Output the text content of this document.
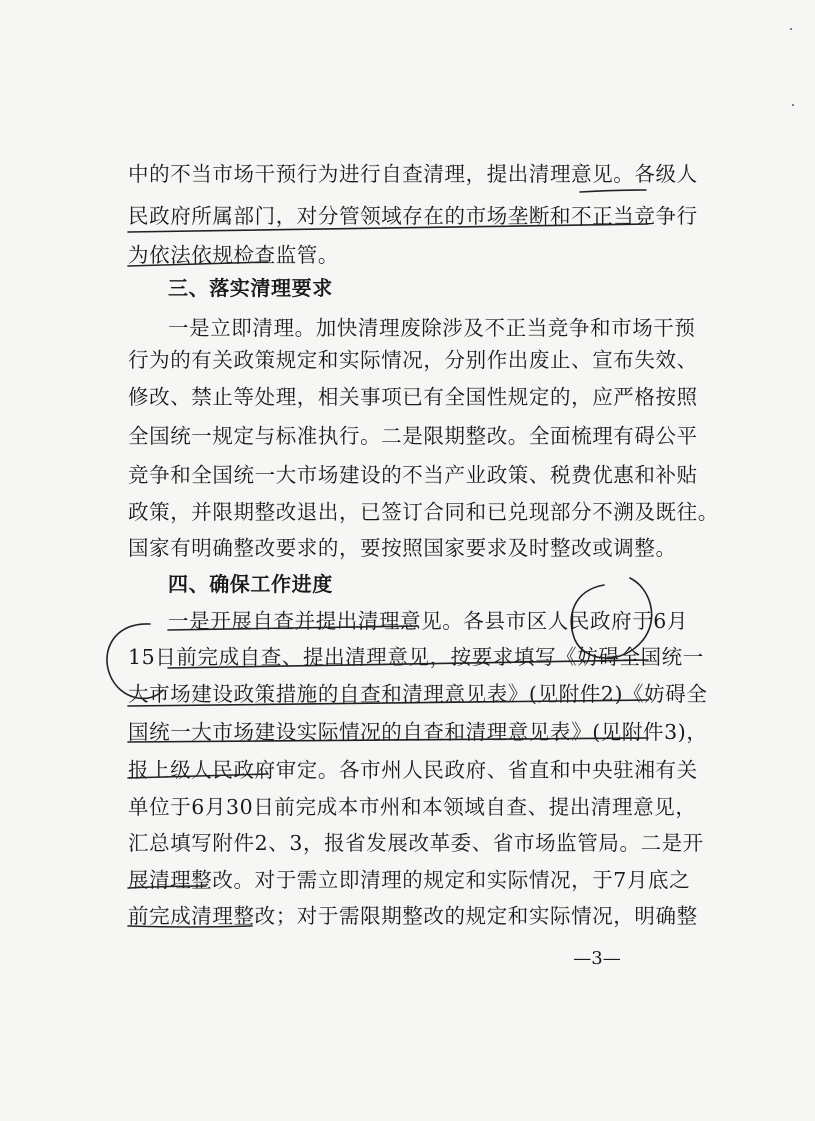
中的不当市场干预行为进行自查清理，提出清理意见。各级人
民政府所属部门，对分管领域存在的市场垄断和不正当竞争行
为依法依规检查监管。
三、落实清理要求
一是立即清理。加快清理废除涉及不正当竞争和市场干预
行为的有关政策规定和实际情况，分别作出废止、宣布失效、
修改、禁止等处理，相关事项已有全国性规定的，应严格按照
全国统一规定与标准执行。二是限期整改。全面梳理有碍公平
竞争和全国统一大市场建设的不当产业政策、税费优惠和补贴
政策，并限期整改退出，已签订合同和已兑现部分不溯及既往。
国家有明确整改要求的，要按照国家要求及时整改或调整。
四、确保工作进度
一是开展自查并提出清理意见。各县市区人民政府于6月
15日前完成自查、提出清理意见，按要求填写《妨碍全国统一
大市场建设政策措施的自查和清理意见表》(见附件2)《妨碍全
国统一大市场建设实际情况的自查和清理意见表》(见附件3)，
报上级人民政府审定。各市州人民政府、省直和中央驻湘有关
单位于6月30日前完成本市州和本领域自查、提出清理意见，
汇总填写附件2、3，报省发展改革委、省市场监管局。二是开
展清理整改。对于需立即清理的规定和实际情况，于7月底之
前完成清理整改；对于需限期整改的规定和实际情况，明确整
—3—
